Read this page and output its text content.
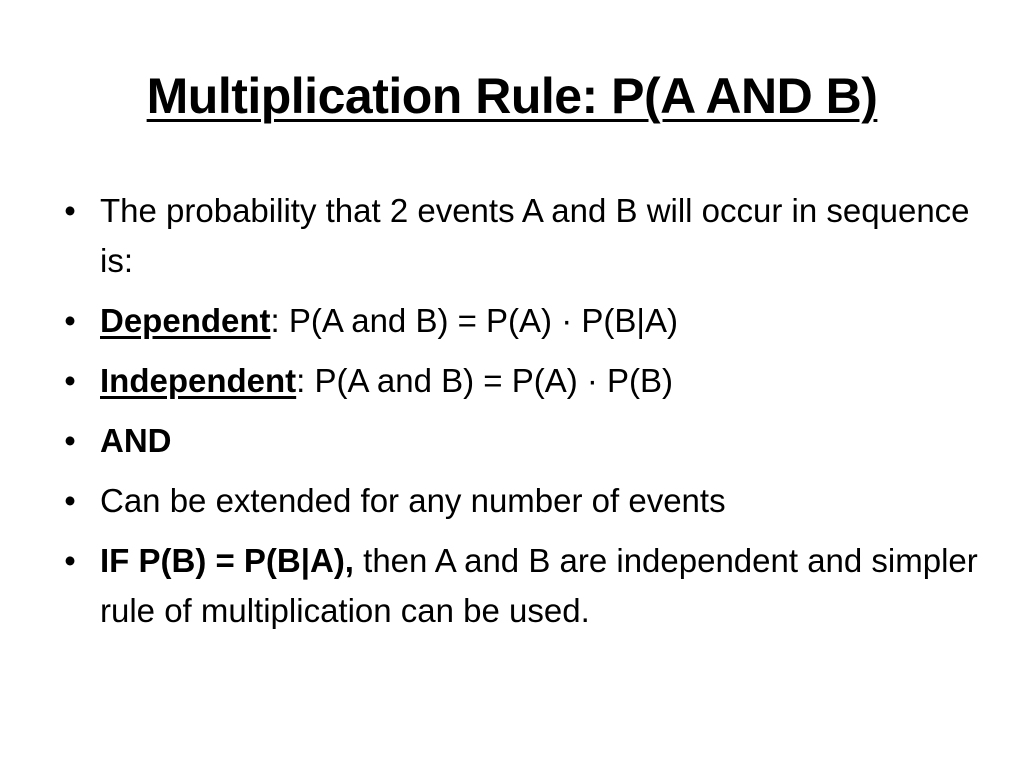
Multiplication Rule: P(A AND B)
• The probability that 2 events A and B will occur in sequence is:
• Dependent: P(A and B) = P(A) · P(B|A)
• Independent: P(A and B) = P(A) · P(B)
• AND
• Can be extended for any number of events
• IF P(B) = P(B|A), then A and B are independent and simpler rule of multiplication can be used.
